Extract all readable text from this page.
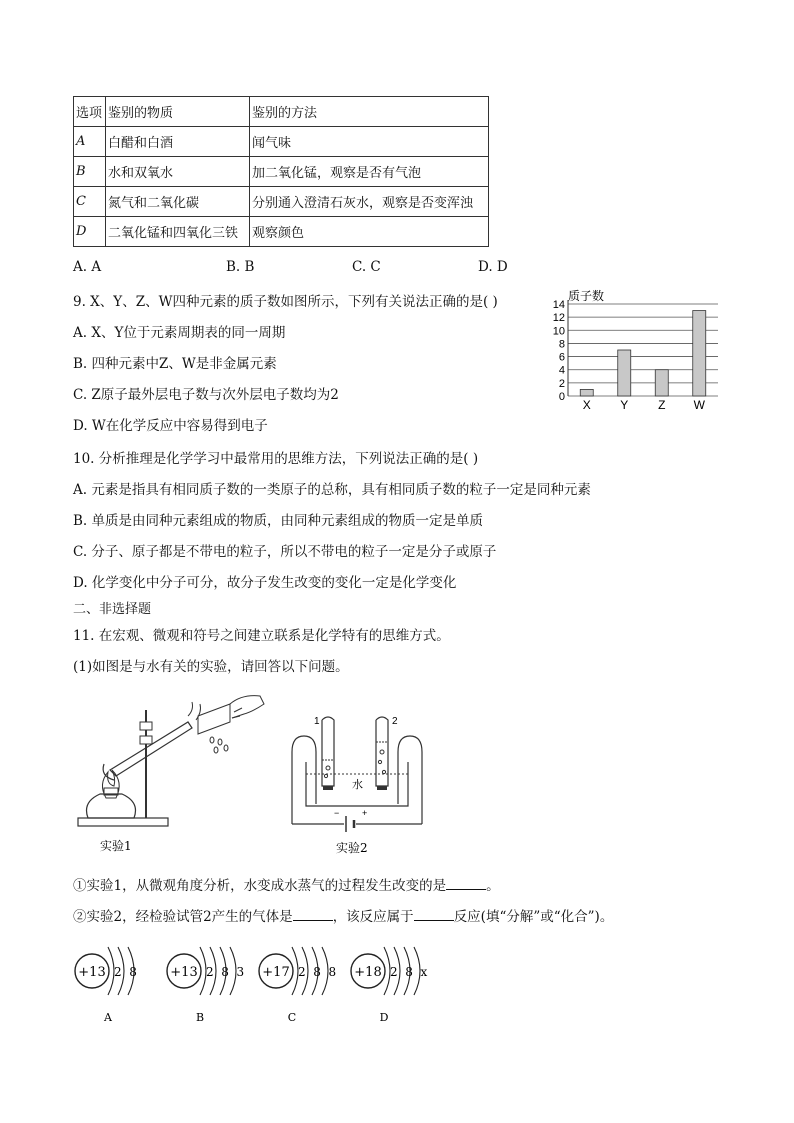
选项	鉴别的物质	鉴别的方法
A	白醋和白酒	闻气味
B	水和双氧水	加二氧化锰，观察是否有气泡
C	氮气和二氧化碳	分别通入澄清石灰水，观察是否变浑浊
D	二氧化锰和四氧化三铁	观察颜色
A. A	B. B	C. C	D. D
9. X、Y、Z、W四种元素的质子数如图所示，下列有关说法正确的是( )
A. X、Y位于元素周期表的同一周期
B. 四种元素中Z、W是非金属元素
C. Z原子最外层电子数与次外层电子数均为2
D. W在化学反应中容易得到电子
0
2
4
6
8
10
12
14
X Y Z W
质子数
10. 分析推理是化学学习中最常用的思维方法，下列说法正确的是( )
A. 元素是指具有相同质子数的一类原子的总称，具有相同质子数的粒子一定是同种元素
B. 单质是由同种元素组成的物质，由同种元素组成的物质一定是单质
C. 分子、原子都是不带电的粒子，所以不带电的粒子一定是分子或原子
D. 化学变化中分子可分，故分子发生改变的变化一定是化学变化
二、非选择题
11. 在宏观、微观和符号之间建立联系是化学特有的思维方式。
(1)如图是与水有关的实验，请回答以下问题。
实验1
−	+
1	2
水
实验2
①实验1，从微观角度分析，水变成水蒸气的过程发生改变的是	。
②实验2，经检验试管2产生的气体是	，该反应属于	反应(填“分解”或“化合”)。
+13 2  8
A
+13 2  8  3
B
+17 2  8  8
C
+18 2  8  x
D
